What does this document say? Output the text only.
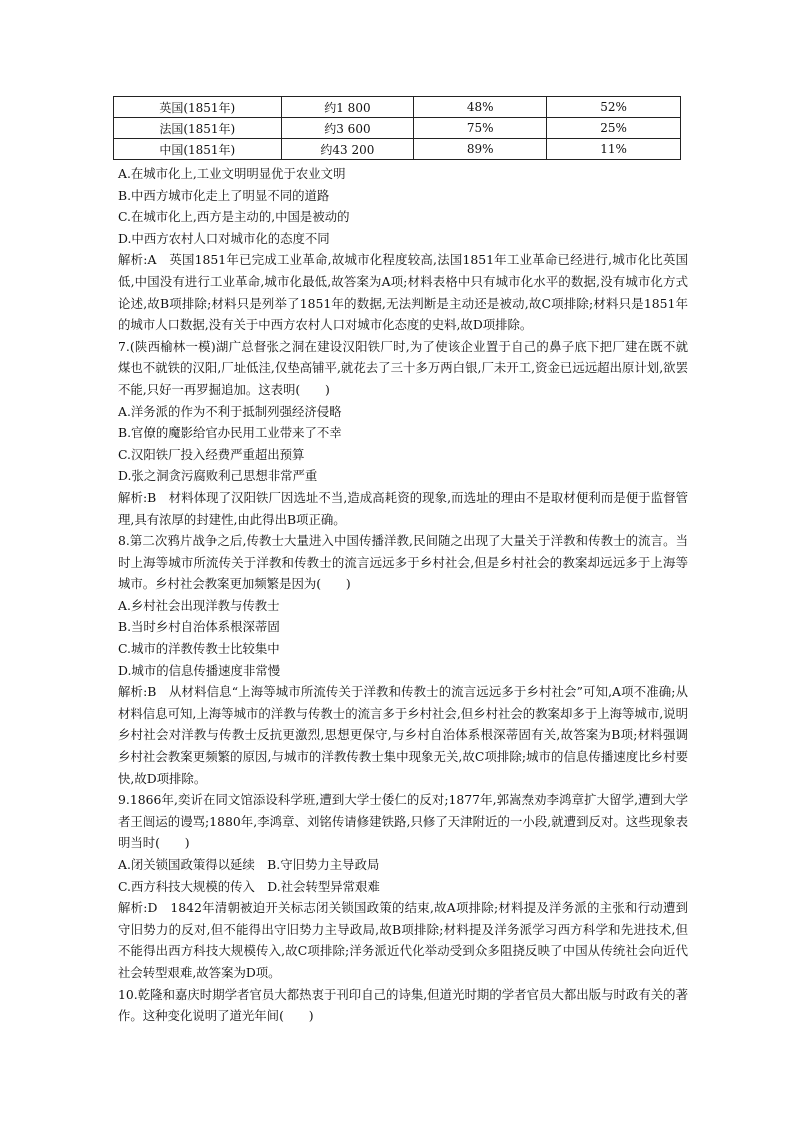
英国(1851年)	约1 800	48%	52%
法国(1851年)	约3 600	75%	25%
中国(1851年)	约43 200	89%	11%

A.在城市化上,工业文明明显优于农业文明

B.中西方城市化走上了明显不同的道路

C.在城市化上,西方是主动的,中国是被动的

D.中西方农村人口对城市化的态度不同

解析:A　英国1851年已完成工业革命,故城市化程度较高,法国1851年工业革命已经进行,城市化比英国低,中国没有进行工业革命,城市化最低,故答案为A项;材料表格中只有城市化水平的数据,没有城市化方式论述,故B项排除;材料只是列举了1851年的数据,无法判断是主动还是被动,故C项排除;材料只是1851年的城市人口数据,没有关于中西方农村人口对城市化态度的史料,故D项排除。

7.(陕西榆林一模)湖广总督张之洞在建设汉阳铁厂时,为了使该企业置于自己的鼻子底下把厂建在既不就煤也不就铁的汉阳,厂址低洼,仅垫高铺平,就花去了三十多万两白银,厂未开工,资金已远远超出原计划,欲罢不能,只好一再罗掘追加。这表明(　　)

A.洋务派的作为不利于抵制列强经济侵略

B.官僚的魔影给官办民用工业带来了不幸

C.汉阳铁厂投入经费严重超出预算

D.张之洞贪污腐败利己思想非常严重

解析:B　材料体现了汉阳铁厂因选址不当,造成高耗资的现象,而选址的理由不是取材便利而是便于监督管理,具有浓厚的封建性,由此得出B项正确。

8.第二次鸦片战争之后,传教士大量进入中国传播洋教,民间随之出现了大量关于洋教和传教士的流言。当时上海等城市所流传关于洋教和传教士的流言远远多于乡村社会,但是乡村社会的教案却远远多于上海等城市。乡村社会教案更加频繁是因为(　　)

A.乡村社会出现洋教与传教士

B.当时乡村自治体系根深蒂固

C.城市的洋教传教士比较集中

D.城市的信息传播速度非常慢

解析:B　从材料信息“上海等城市所流传关于洋教和传教士的流言远远多于乡村社会”可知,A项不准确;从材料信息可知,上海等城市的洋教与传教士的流言多于乡村社会,但乡村社会的教案却多于上海等城市,说明乡村社会对洋教与传教士反抗更激烈,思想更保守,与乡村自治体系根深蒂固有关,故答案为B项;材料强调乡村社会教案更频繁的原因,与城市的洋教传教士集中现象无关,故C项排除;城市的信息传播速度比乡村要快,故D项排除。

9.1866年,奕䜣在同文馆添设科学班,遭到大学士倭仁的反对;1877年,郭嵩焘劝李鸿章扩大留学,遭到大学者王闿运的谩骂;1880年,李鸿章、刘铭传请修建铁路,只修了天津附近的一小段,就遭到反对。这些现象表明当时(　　)

A.闭关锁国政策得以延续　B.守旧势力主导政局

C.西方科技大规模的传入　D.社会转型异常艰难

解析:D　1842年清朝被迫开关标志闭关锁国政策的结束,故A项排除;材料提及洋务派的主张和行动遭到守旧势力的反对,但不能得出守旧势力主导政局,故B项排除;材料提及洋务派学习西方科学和先进技术,但不能得出西方科技大规模传入,故C项排除;洋务派近代化举动受到众多阻挠反映了中国从传统社会向近代社会转型艰难,故答案为D项。

10.乾隆和嘉庆时期学者官员大都热衷于刊印自己的诗集,但道光时期的学者官员大都出版与时政有关的著作。这种变化说明了道光年间(　　)
